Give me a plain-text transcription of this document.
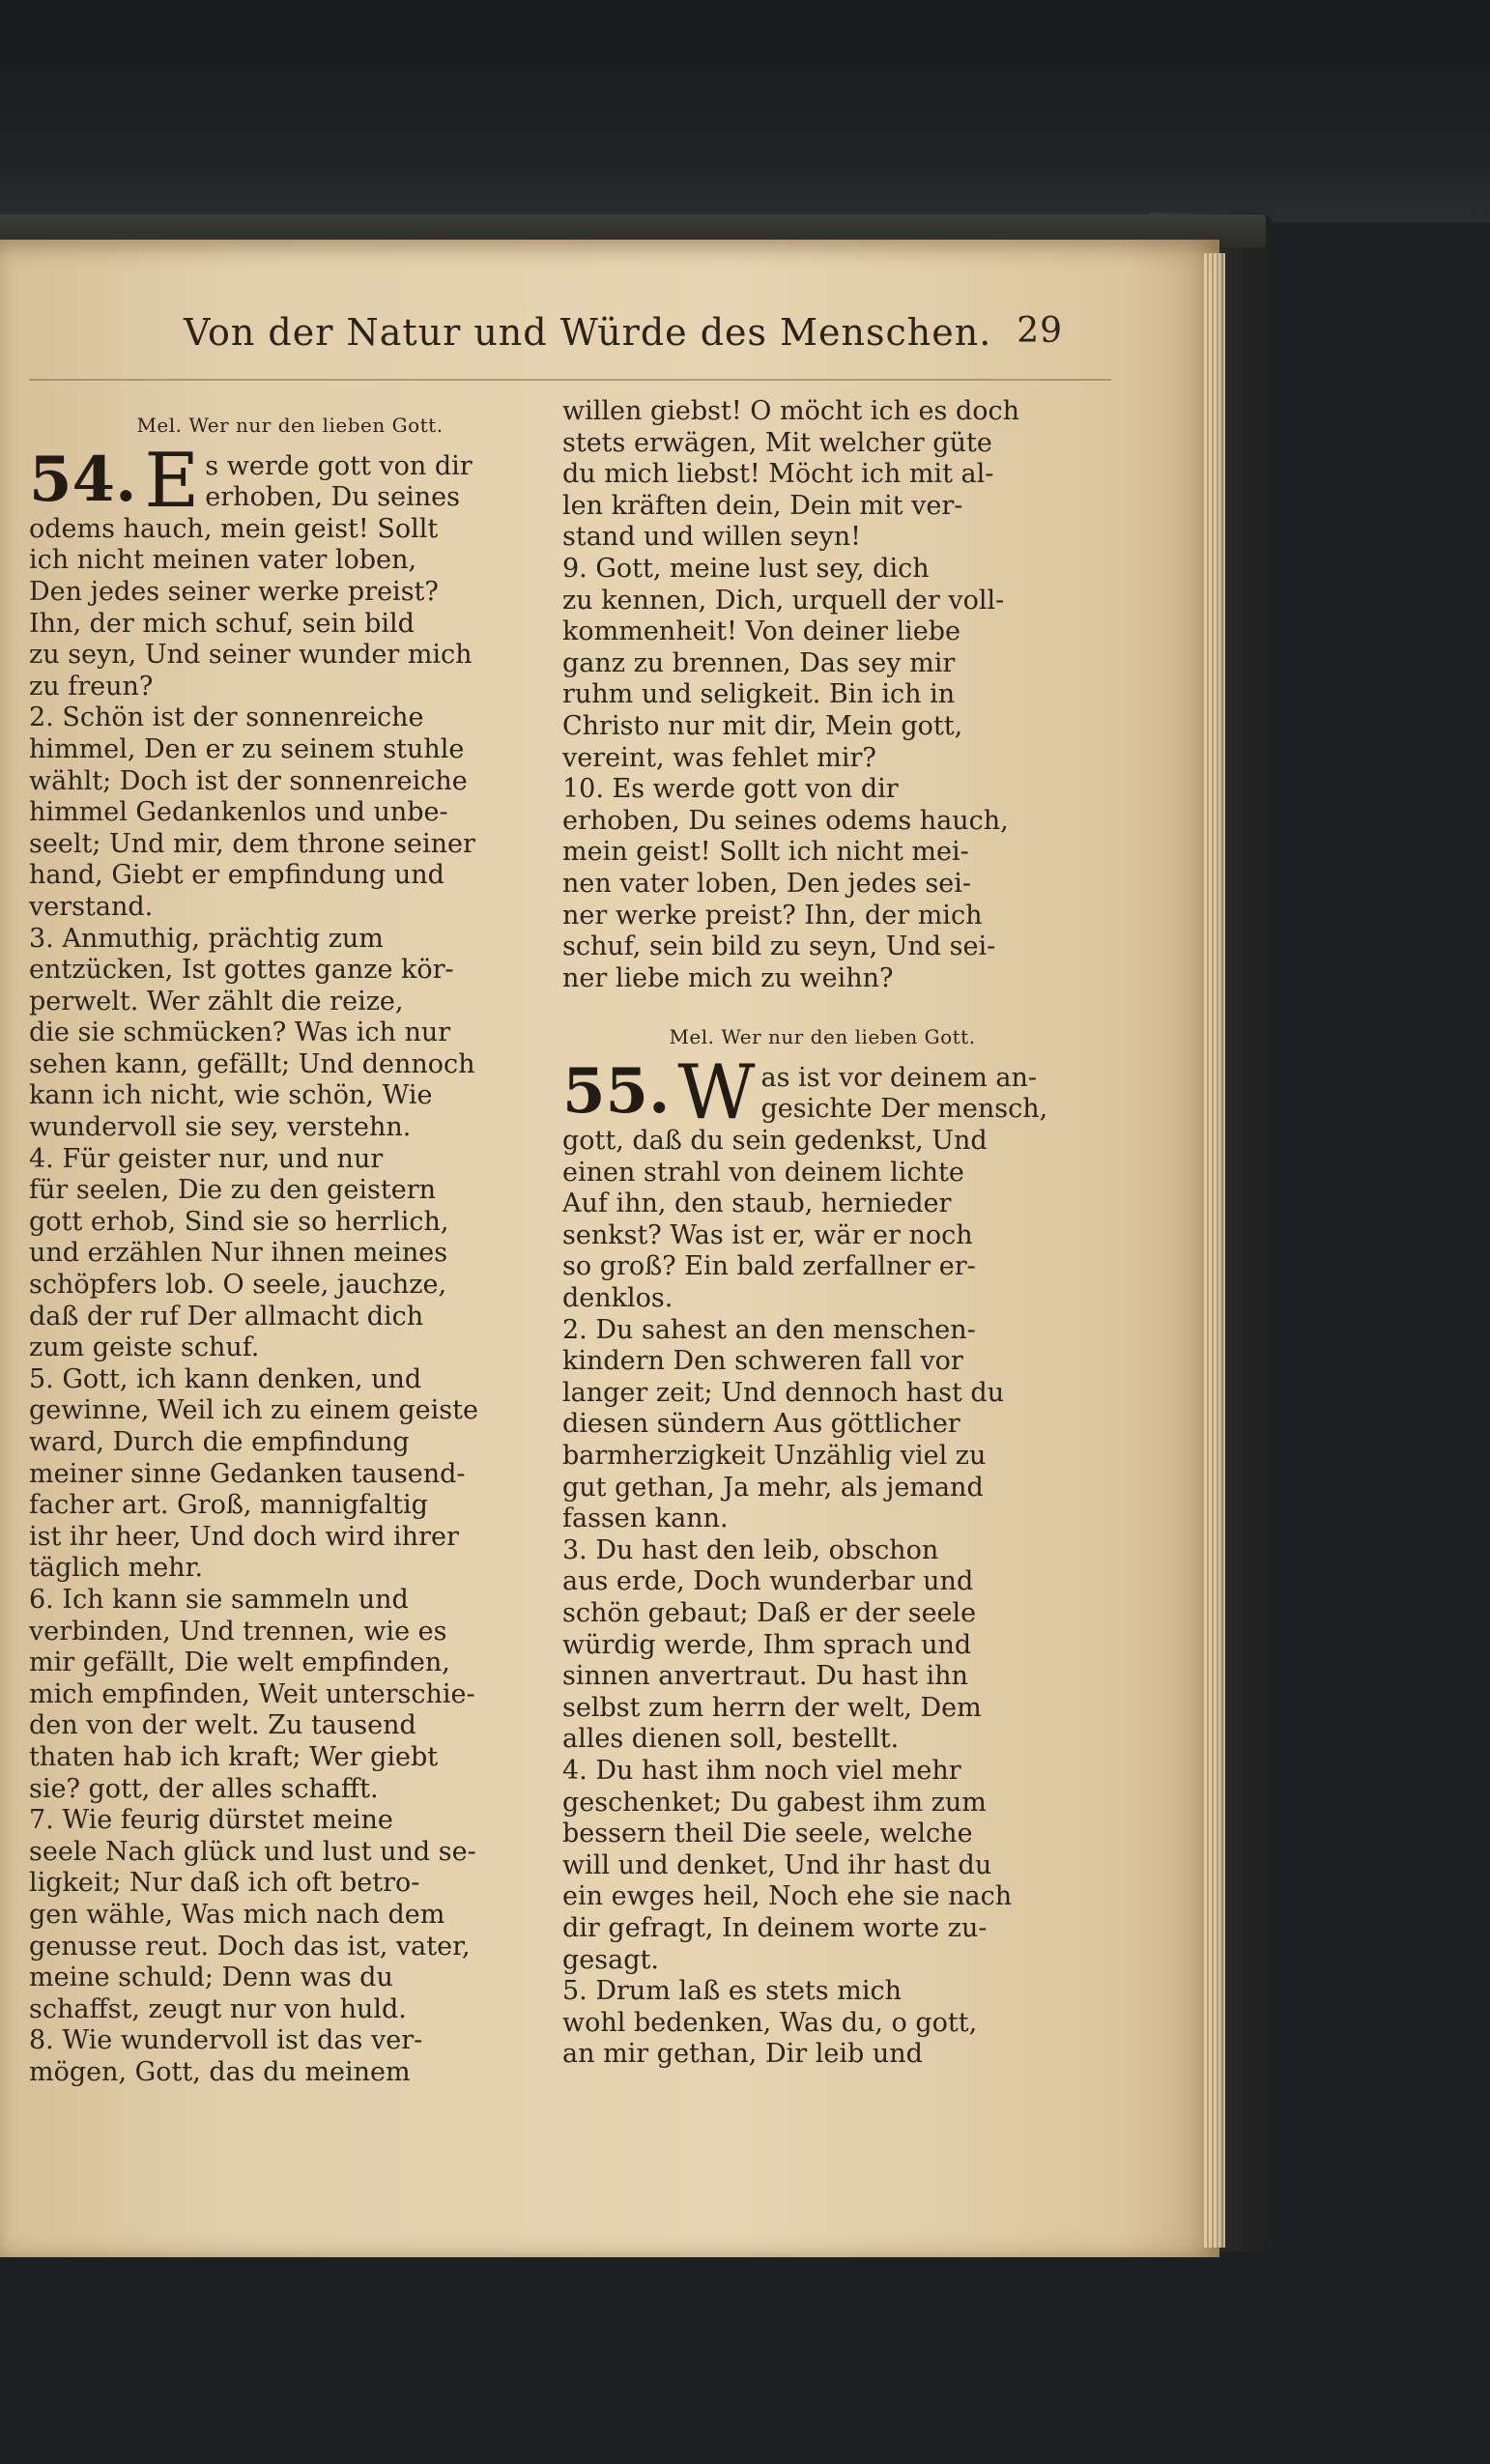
Von der Natur und Würde des Menschen. 29
Mel. Wer nur den lieben Gott.
54. E s werde gott von dir
erhoben, Du seines
odems hauch, mein geist! Sollt
ich nicht meinen vater loben,
Den jedes seiner werke preist?
Ihn, der mich schuf, sein bild
zu seyn, Und seiner wunder mich
zu freun?
2. Schön ist der sonnenreiche
himmel, Den er zu seinem stuhle
wählt; Doch ist der sonnenreiche
himmel Gedankenlos und unbe-
seelt; Und mir, dem throne seiner
hand, Giebt er empfindung und
verstand.
3. Anmuthig, prächtig zum
entzücken, Ist gottes ganze kör-
perwelt. Wer zählt die reize,
die sie schmücken? Was ich nur
sehen kann, gefällt; Und dennoch
kann ich nicht, wie schön, Wie
wundervoll sie sey, verstehn.
4. Für geister nur, und nur
für seelen, Die zu den geistern
gott erhob, Sind sie so herrlich,
und erzählen Nur ihnen meines
schöpfers lob. O seele, jauchze,
daß der ruf Der allmacht dich
zum geiste schuf.
5. Gott, ich kann denken, und
gewinne, Weil ich zu einem geiste
ward, Durch die empfindung
meiner sinne Gedanken tausend-
facher art. Groß, mannigfaltig
ist ihr heer, Und doch wird ihrer
täglich mehr.
6. Ich kann sie sammeln und
verbinden, Und trennen, wie es
mir gefällt, Die welt empfinden,
mich empfinden, Weit unterschie-
den von der welt. Zu tausend
thaten hab ich kraft; Wer giebt
sie? gott, der alles schafft.
7. Wie feurig dürstet meine
seele Nach glück und lust und se-
ligkeit; Nur daß ich oft betro-
gen wähle, Was mich nach dem
genusse reut. Doch das ist, vater,
meine schuld; Denn was du
schaffst, zeugt nur von huld.
8. Wie wundervoll ist das ver-
mögen, Gott, das du meinem
willen giebst! O möcht ich es doch
stets erwägen, Mit welcher güte
du mich liebst! Möcht ich mit al-
len kräften dein, Dein mit ver-
stand und willen seyn!
9. Gott, meine lust sey, dich
zu kennen, Dich, urquell der voll-
kommenheit! Von deiner liebe
ganz zu brennen, Das sey mir
ruhm und seligkeit. Bin ich in
Christo nur mit dir, Mein gott,
vereint, was fehlet mir?
10. Es werde gott von dir
erhoben, Du seines odems hauch,
mein geist! Sollt ich nicht mei-
nen vater loben, Den jedes sei-
ner werke preist? Ihn, der mich
schuf, sein bild zu seyn, Und sei-
ner liebe mich zu weihn?
Mel. Wer nur den lieben Gott.
55. W as ist vor deinem an-
gesichte Der mensch,
gott, daß du sein gedenkst, Und
einen strahl von deinem lichte
Auf ihn, den staub, hernieder
senkst? Was ist er, wär er noch
so groß? Ein bald zerfallner er-
denklos.
2. Du sahest an den menschen-
kindern Den schweren fall vor
langer zeit; Und dennoch hast du
diesen sündern Aus göttlicher
barmherzigkeit Unzählig viel zu
gut gethan, Ja mehr, als jemand
fassen kann.
3. Du hast den leib, obschon
aus erde, Doch wunderbar und
schön gebaut; Daß er der seele
würdig werde, Ihm sprach und
sinnen anvertraut. Du hast ihn
selbst zum herrn der welt, Dem
alles dienen soll, bestellt.
4. Du hast ihm noch viel mehr
geschenket; Du gabest ihm zum
bessern theil Die seele, welche
will und denket, Und ihr hast du
ein ewges heil, Noch ehe sie nach
dir gefragt, In deinem worte zu-
gesagt.
5. Drum laß es stets mich
wohl bedenken, Was du, o gott,
an mir gethan, Dir leib und
